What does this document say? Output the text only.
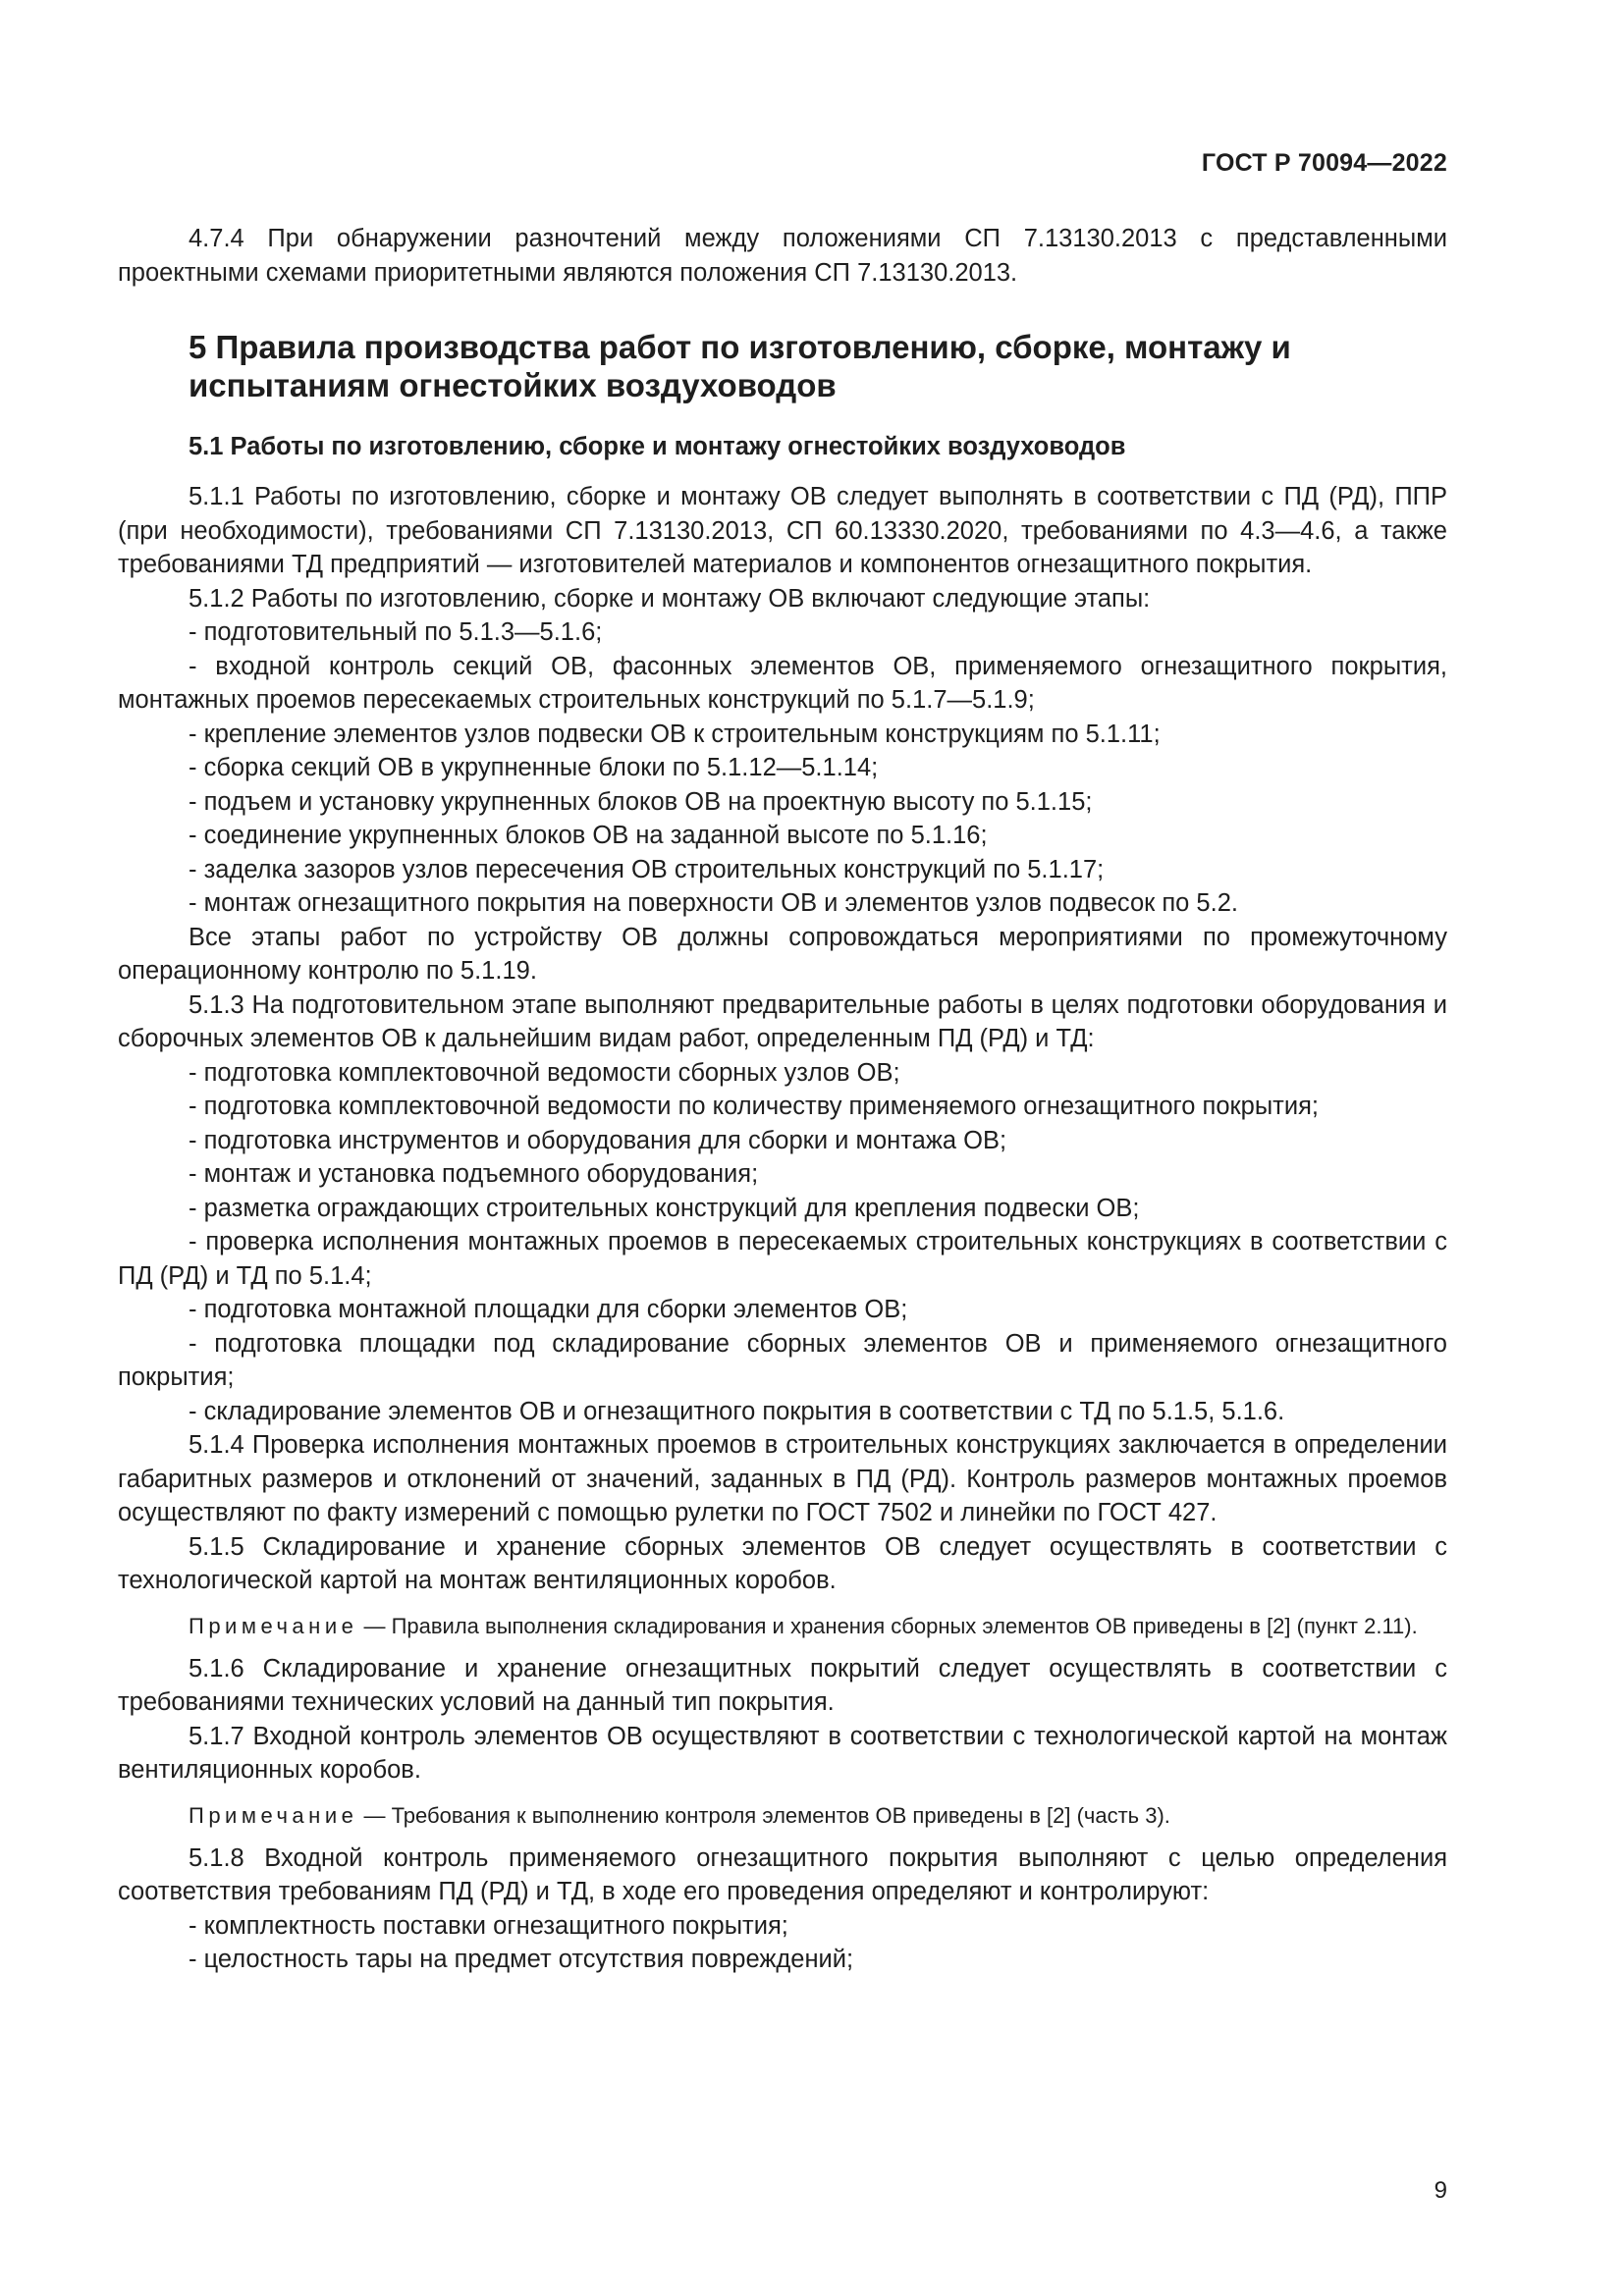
ГОСТ Р 70094—2022

4.7.4 При обнаружении разночтений между положениями СП 7.13130.2013 с представленными проектными схемами приоритетными являются положения СП 7.13130.2013.

5 Правила производства работ по изготовлению, сборке, монтажу и испытаниям огнестойких воздуховодов

5.1 Работы по изготовлению, сборке и монтажу огнестойких воздуховодов

5.1.1 Работы по изготовлению, сборке и монтажу ОВ следует выполнять в соответствии с ПД (РД), ППР (при необходимости), требованиями СП 7.13130.2013, СП 60.13330.2020, требованиями по 4.3—4.6, а также требованиями ТД предприятий — изготовителей материалов и компонентов огнезащитного покрытия.

5.1.2 Работы по изготовлению, сборке и монтажу ОВ включают следующие этапы:

- подготовительный по 5.1.3—5.1.6;

- входной контроль секций ОВ, фасонных элементов ОВ, применяемого огнезащитного покрытия, монтажных проемов пересекаемых строительных конструкций по 5.1.7—5.1.9;

- крепление элементов узлов подвески ОВ к строительным конструкциям по 5.1.11;

- сборка секций ОВ в укрупненные блоки по 5.1.12—5.1.14;

- подъем и установку укрупненных блоков ОВ на проектную высоту по 5.1.15;

- соединение укрупненных блоков ОВ на заданной высоте по 5.1.16;

- заделка зазоров узлов пересечения ОВ строительных конструкций по 5.1.17;

- монтаж огнезащитного покрытия на поверхности ОВ и элементов узлов подвесок по 5.2.

Все этапы работ по устройству ОВ должны сопровождаться мероприятиями по промежуточному операционному контролю по 5.1.19.

5.1.3 На подготовительном этапе выполняют предварительные работы в целях подготовки оборудования и сборочных элементов ОВ к дальнейшим видам работ, определенным ПД (РД) и ТД:

- подготовка комплектовочной ведомости сборных узлов ОВ;

- подготовка комплектовочной ведомости по количеству применяемого огнезащитного покрытия;

- подготовка инструментов и оборудования для сборки и монтажа ОВ;

- монтаж и установка подъемного оборудования;

- разметка ограждающих строительных конструкций для крепления подвески ОВ;

- проверка исполнения монтажных проемов в пересекаемых строительных конструкциях в соответствии с ПД (РД) и ТД по 5.1.4;

- подготовка монтажной площадки для сборки элементов ОВ;

- подготовка площадки под складирование сборных элементов ОВ и применяемого огнезащитного покрытия;

- складирование элементов ОВ и огнезащитного покрытия в соответствии с ТД по 5.1.5, 5.1.6.

5.1.4 Проверка исполнения монтажных проемов в строительных конструкциях заключается в определении габаритных размеров и отклонений от значений, заданных в ПД (РД). Контроль размеров монтажных проемов осуществляют по факту измерений с помощью рулетки по ГОСТ 7502 и линейки по ГОСТ 427.

5.1.5 Складирование и хранение сборных элементов ОВ следует осуществлять в соответствии с технологической картой на монтаж вентиляционных коробов.

Примечание — Правила выполнения складирования и хранения сборных элементов ОВ приведены в [2] (пункт 2.11).

5.1.6 Складирование и хранение огнезащитных покрытий следует осуществлять в соответствии с требованиями технических условий на данный тип покрытия.

5.1.7 Входной контроль элементов ОВ осуществляют в соответствии с технологической картой на монтаж вентиляционных коробов.

Примечание — Требования к выполнению контроля элементов ОВ приведены в [2] (часть 3).

5.1.8 Входной контроль применяемого огнезащитного покрытия выполняют с целью определения соответствия требованиям ПД (РД) и ТД, в ходе его проведения определяют и контролируют:

- комплектность поставки огнезащитного покрытия;

- целостность тары на предмет отсутствия повреждений;

9
